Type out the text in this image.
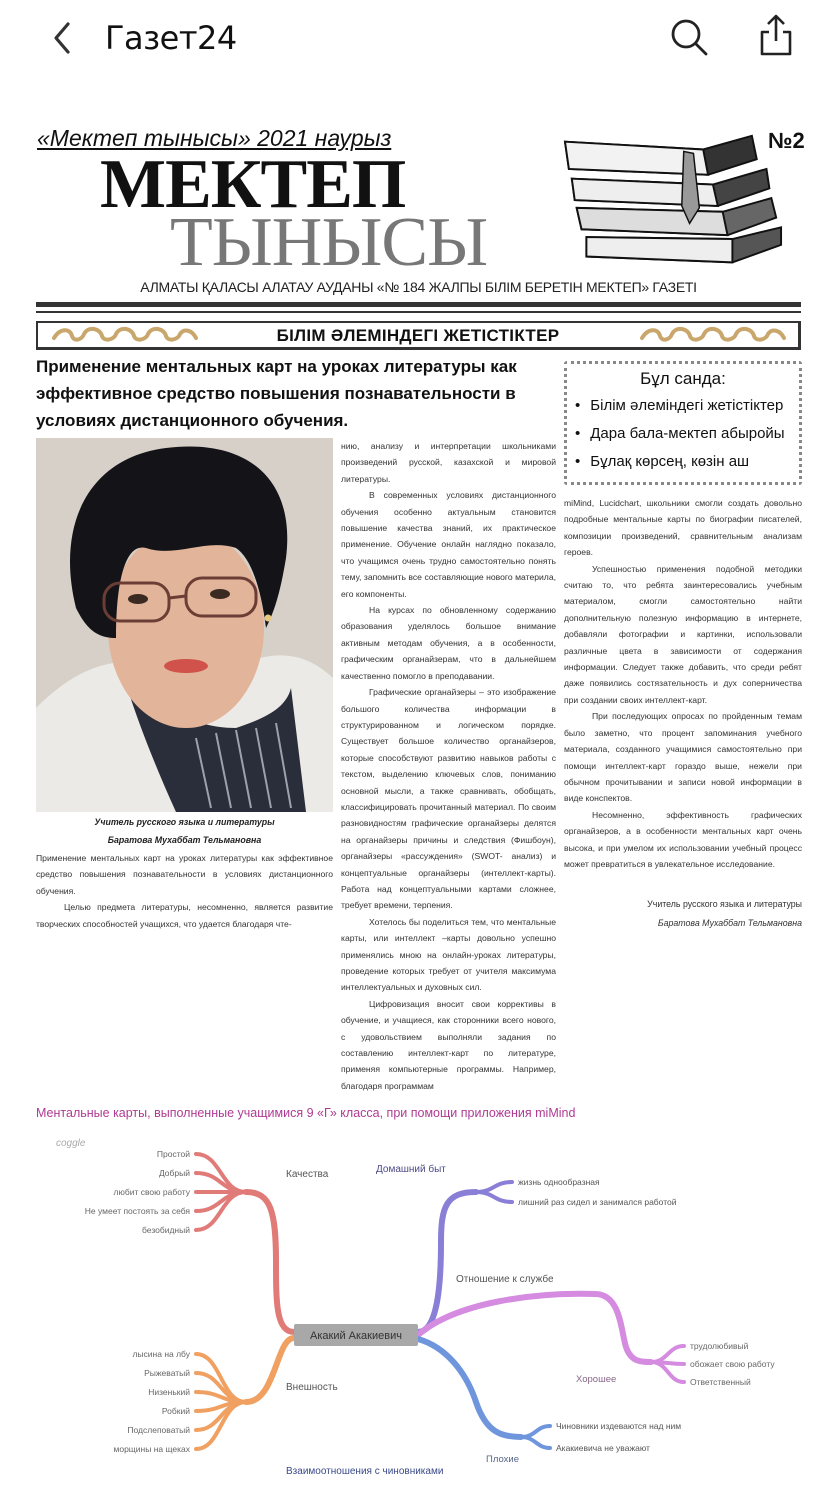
Газет24
«Мектеп тынысы» 2021 наурыз	№2
МЕКТЕП
ТЫНЫСЫ
АЛМАТЫ ҚАЛАСЫ АЛАТАУ АУДАНЫ «№ 184 ЖАЛПЫ БІЛІМ БЕРЕТІН МЕКТЕП» ГАЗЕТІ
БІЛІМ ӘЛЕМІНДЕГІ ЖЕТІСТІКТЕР
Применение ментальных карт на уроках литературы как эффективное средство повышения познавательности в условиях дистанционного обучения.
Учитель русского языка и литературы
Баратова Мухаббат Тельмановна

Применение ментальных карт на уроках литературы как эффективное средство повышения познавательности в условиях дистанционного обучения.

Целью предмета литературы, несомненно, является развитие творческих способностей учащихся, что удается благодаря чте-

нию, анализу и интерпретации школьниками произведений русской, казахской и мировой литературы.

В современных условиях дистанционного обучения особенно актуальным становится повышение качества знаний, их практическое применение. Обучение онлайн наглядно показало, что учащимся очень трудно самостоятельно понять тему, запомнить все составляющие нового материла, его компоненты.

На курсах по обновленному содержанию образования уделялось большое внимание активным методам обучения, а в особенности, графическим органайзерам, что в дальнейшем качественно помогло в преподавании.

Графические органайзеры – это изображение большого количества информации в структурированном и логическом порядке. Существует большое количество органайзеров, которые способствуют развитию навыков работы с текстом, выделению ключевых слов, пониманию основной мысли, а также сравнивать, обобщать, классифицировать прочитанный материал. По своим разновидностям графические органайзеры делятся на органайзеры причины и следствия (Фишбоун), органайзеры «рассуждения» (SWOT- анализ) и концептуальные органайзеры (интеллект-карты). Работа над концептуальными картами сложнее, требует времени, терпения.

Хотелось бы поделиться тем, что ментальные карты, или интеллект –карты довольно успешно применялись мною на онлайн-уроках литературы, проведение которых требует от учителя максимума интеллектуальных и духовных сил.

Цифровизация вносит свои коррективы в обучение, и учащиеся, как сторонники всего нового, с удовольствием выполняли задания по составлению интеллект-карт по литературе, применяя компьютерные программы. Например, благодаря программам

Бұл санда:
• Білім әлеміндегі жетістіктер
• Дара бала-мектеп абыройы
• Бұлақ көрсең, көзін аш

miMind, Lucidchart, школьники смогли создать довольно подробные ментальные карты по биографии писателей, композиции произведений, сравнительным анализам героев.

Успешностью применения подобной методики считаю то, что ребята заинтересовались учебным материалом, смогли самостоятельно найти дополнительную полезную информацию в интернете, добавляли фотографии и картинки, использовали различные цвета в зависимости от содержания информации. Следует также добавить, что среди ребят даже появились состязательность и дух соперничества при создании своих интеллект-карт.

При последующих опросах по пройденным темам было заметно, что процент запоминания учебного материала, созданного учащимися самостоятельно при помощи интеллект-карт гораздо выше, нежели при обычном прочитывании и записи новой информации в виде конспектов.

Несомненно, эффективность графических органайзеров, а в особенности ментальных карт очень высока, и при умелом их использовании учебный процесс может превратиться в увлекательное исследование.

Учитель русского языка и литературы
Баратова Мухаббат Тельмановна
Ментальные карты, выполненные учащимися 9 «Г» класса, при помощи приложения miMind
coggle
Акакий Акакиевич
Качества
Внешность
Домашний быт
Отношение к службе
Взаимоотношения с чиновниками
Хорошее
Плохие
Простой
Добрый
любит свою работу
Не умеет постоять за себя
безобидный
лысина на лбу
Рыжеватый
Низенький
Робкий
Подслеповатый
морщины на щеках
жизнь однообразная
лишний раз сидел и занимался работой
трудолюбивый
обожает свою работу
Ответственный
Чиновники издеваются над ним
Акакиевича не уважают
